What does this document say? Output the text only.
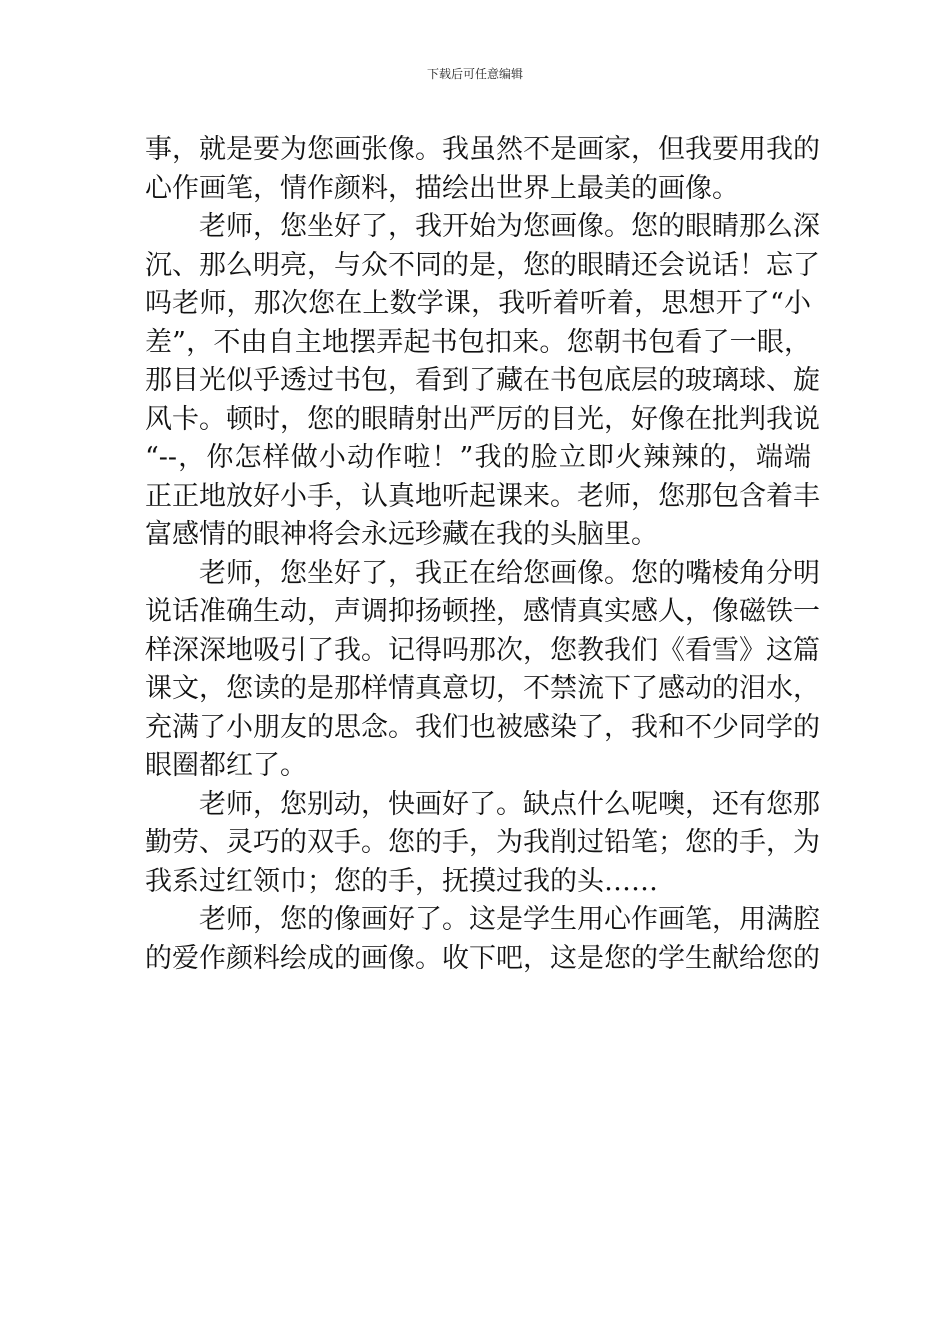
下载后可任意编辑
事，就是要为您画张像。我虽然不是画家，但我要用我的
心作画笔，情作颜料，描绘出世界上最美的画像。
老师，您坐好了，我开始为您画像。您的眼睛那么深
沉、那么明亮，与众不同的是，您的眼睛还会说话！忘了
吗老师，那次您在上数学课，我听着听着，思想开了“小
差”，不由自主地摆弄起书包扣来。您朝书包看了一眼，
那目光似乎透过书包，看到了藏在书包底层的玻璃球、旋
风卡。顿时，您的眼睛射出严厉的目光，好像在批判我说
“--，你怎样做小动作啦！”我的脸立即火辣辣的，端端
正正地放好小手，认真地听起课来。老师，您那包含着丰
富感情的眼神将会永远珍藏在我的头脑里。
老师，您坐好了，我正在给您画像。您的嘴棱角分明
说话准确生动，声调抑扬顿挫，感情真实感人，像磁铁一
样深深地吸引了我。记得吗那次，您教我们《看雪》这篇
课文，您读的是那样情真意切，不禁流下了感动的泪水，
充满了小朋友的思念。我们也被感染了，我和不少同学的
眼圈都红了。
老师，您别动，快画好了。缺点什么呢噢，还有您那
勤劳、灵巧的双手。您的手，为我削过铅笔；您的手，为
我系过红领巾；您的手，抚摸过我的头……
老师，您的像画好了。这是学生用心作画笔，用满腔
的爱作颜料绘成的画像。收下吧，这是您的学生献给您的
